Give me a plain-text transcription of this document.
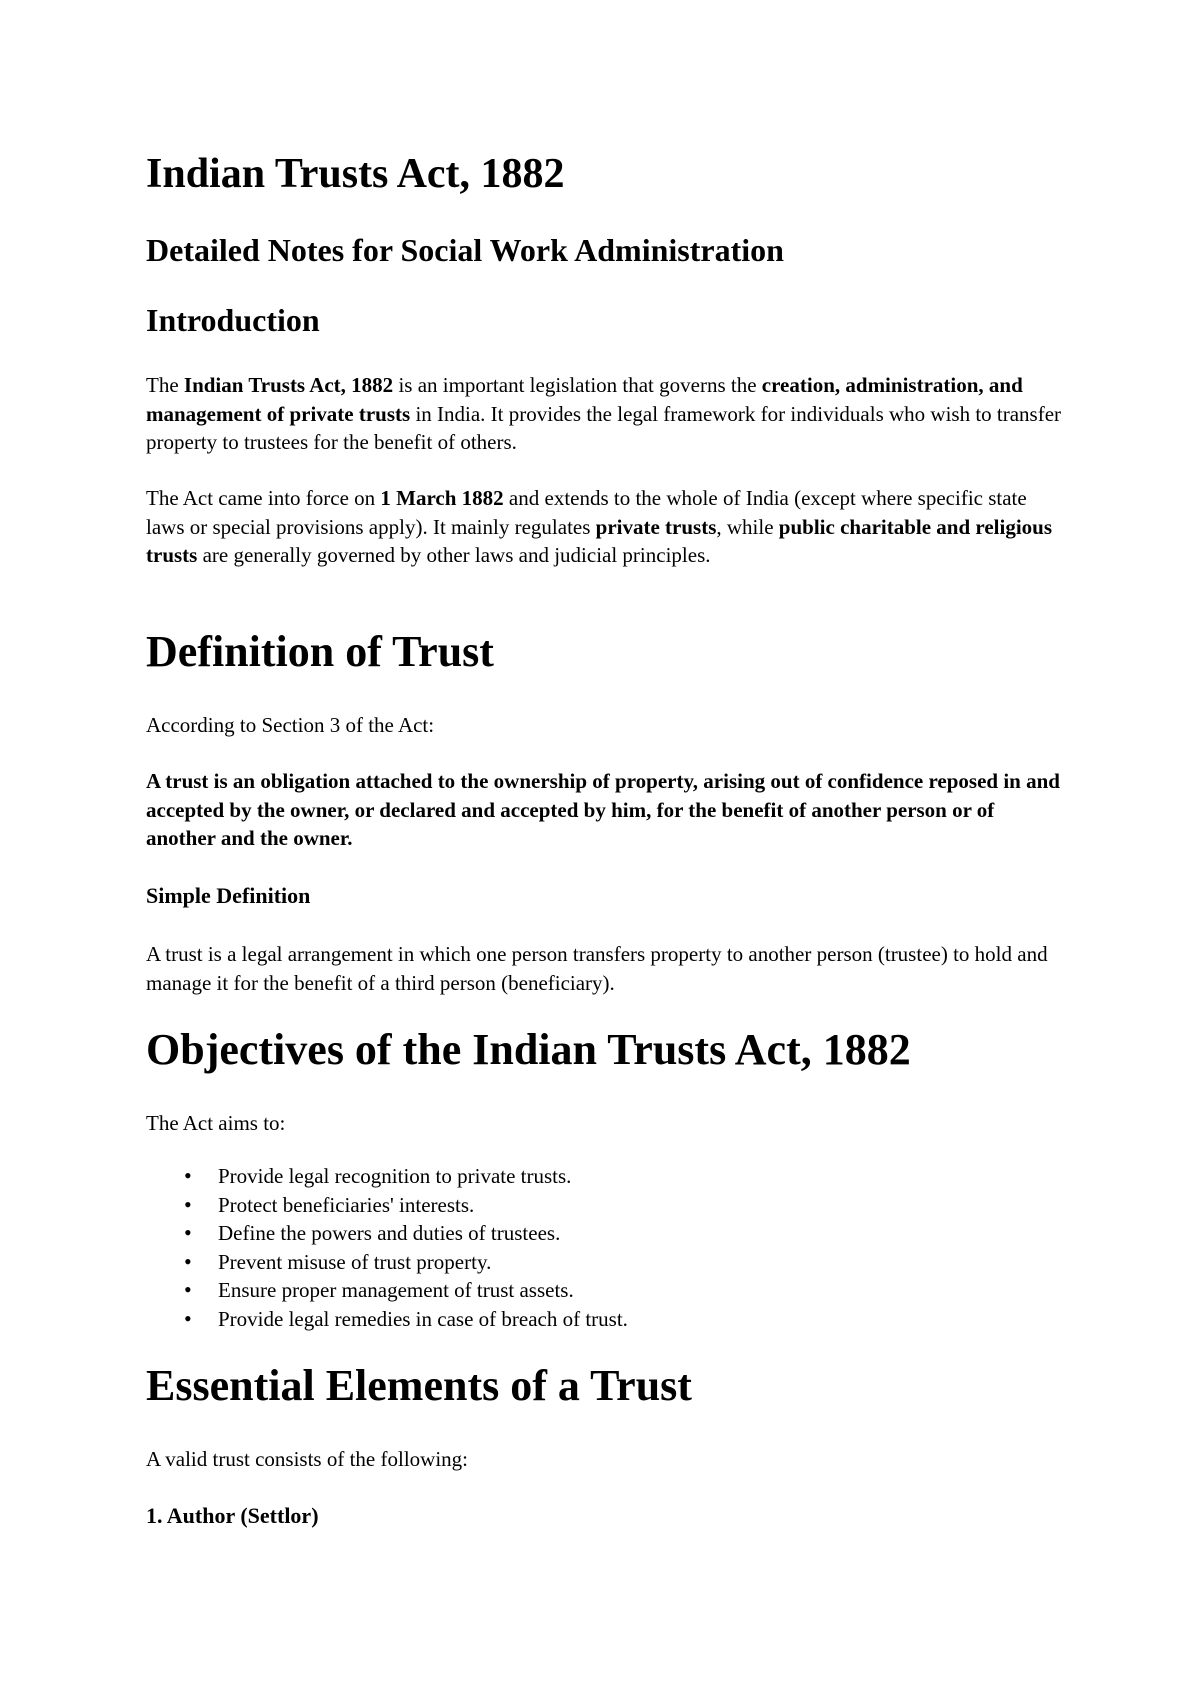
Indian Trusts Act, 1882
Detailed Notes for Social Work Administration
Introduction

The Indian Trusts Act, 1882 is an important legislation that governs the creation, administration, and management of private trusts in India. It provides the legal framework for individuals who wish to transfer property to trustees for the benefit of others.

The Act came into force on 1 March 1882 and extends to the whole of India (except where specific state laws or special provisions apply). It mainly regulates private trusts, while public charitable and religious trusts are generally governed by other laws and judicial principles.

Definition of Trust

According to Section 3 of the Act:

A trust is an obligation attached to the ownership of property, arising out of confidence reposed in and accepted by the owner, or declared and accepted by him, for the benefit of another person or of another and the owner.

Simple Definition

A trust is a legal arrangement in which one person transfers property to another person (trustee) to hold and manage it for the benefit of a third person (beneficiary).

Objectives of the Indian Trusts Act, 1882

The Act aims to:

• Provide legal recognition to private trusts.
• Protect beneficiaries' interests.
• Define the powers and duties of trustees.
• Prevent misuse of trust property.
• Ensure proper management of trust assets.
• Provide legal remedies in case of breach of trust.
Essential Elements of a Trust

A valid trust consists of the following:

1. Author (Settlor)
